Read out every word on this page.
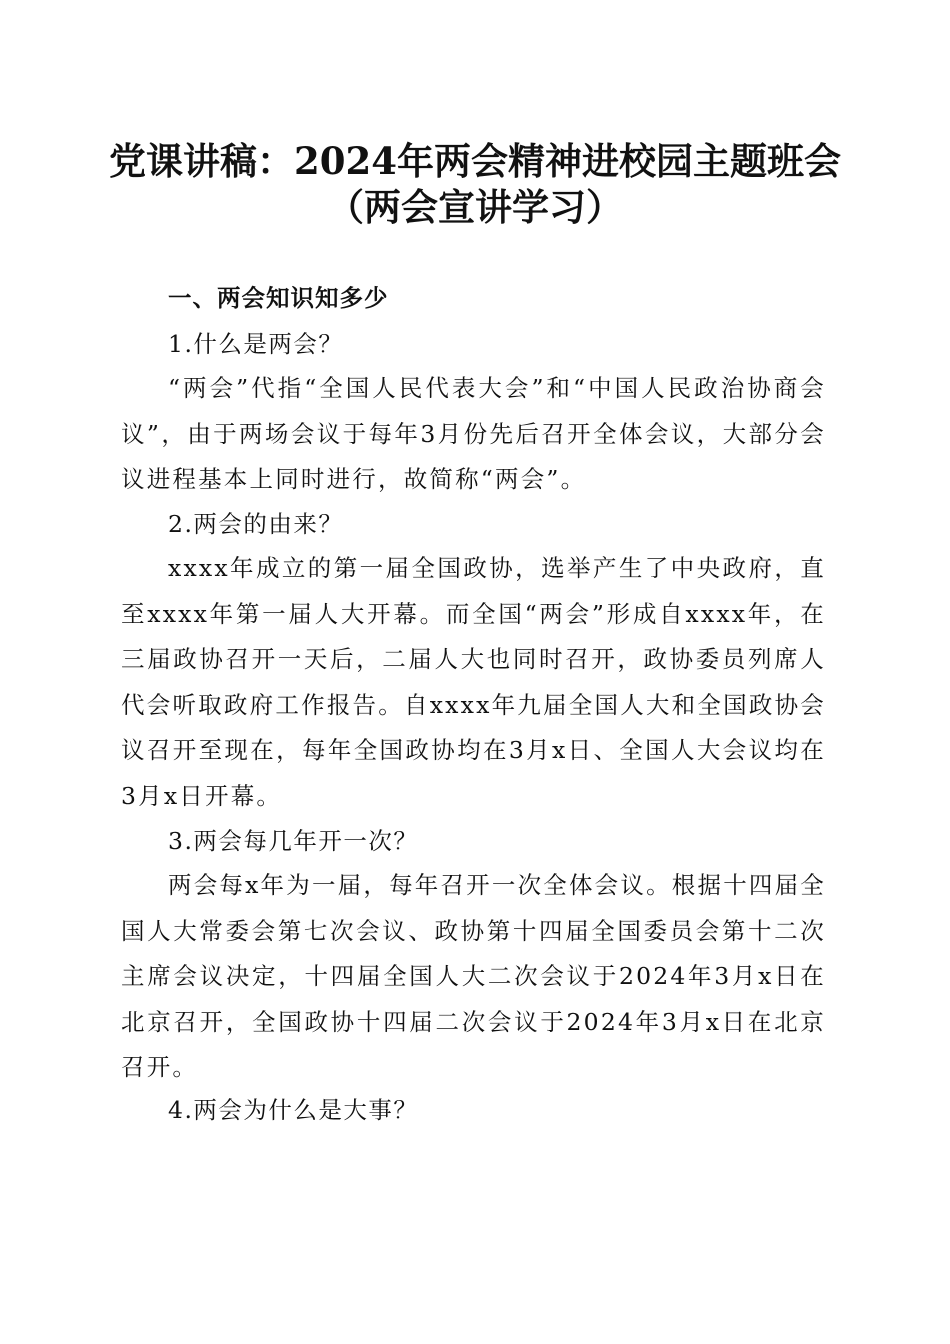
党课讲稿：2024年两会精神进校园主题班会
（两会宣讲学习）
一、两会知识知多少
1.什么是两会？
“两会”代指“全国人民代表大会”和“中国人民政治协商会议”，由于两场会议于每年3月份先后召开全体会议，大部分会议进程基本上同时进行，故简称“两会”。
2.两会的由来？
xxxx年成立的第一届全国政协，选举产生了中央政府，直至xxxx年第一届人大开幕。而全国“两会”形成自xxxx年，在三届政协召开一天后，二届人大也同时召开，政协委员列席人代会听取政府工作报告。自xxxx年九届全国人大和全国政协会议召开至现在，每年全国政协均在3月x日、全国人大会议均在3月x日开幕。
3.两会每几年开一次？
两会每x年为一届，每年召开一次全体会议。根据十四届全国人大常委会第七次会议、政协第十四届全国委员会第十二次主席会议决定，十四届全国人大二次会议于2024年3月x日在北京召开，全国政协十四届二次会议于2024年3月x日在北京召开。
4.两会为什么是大事？
